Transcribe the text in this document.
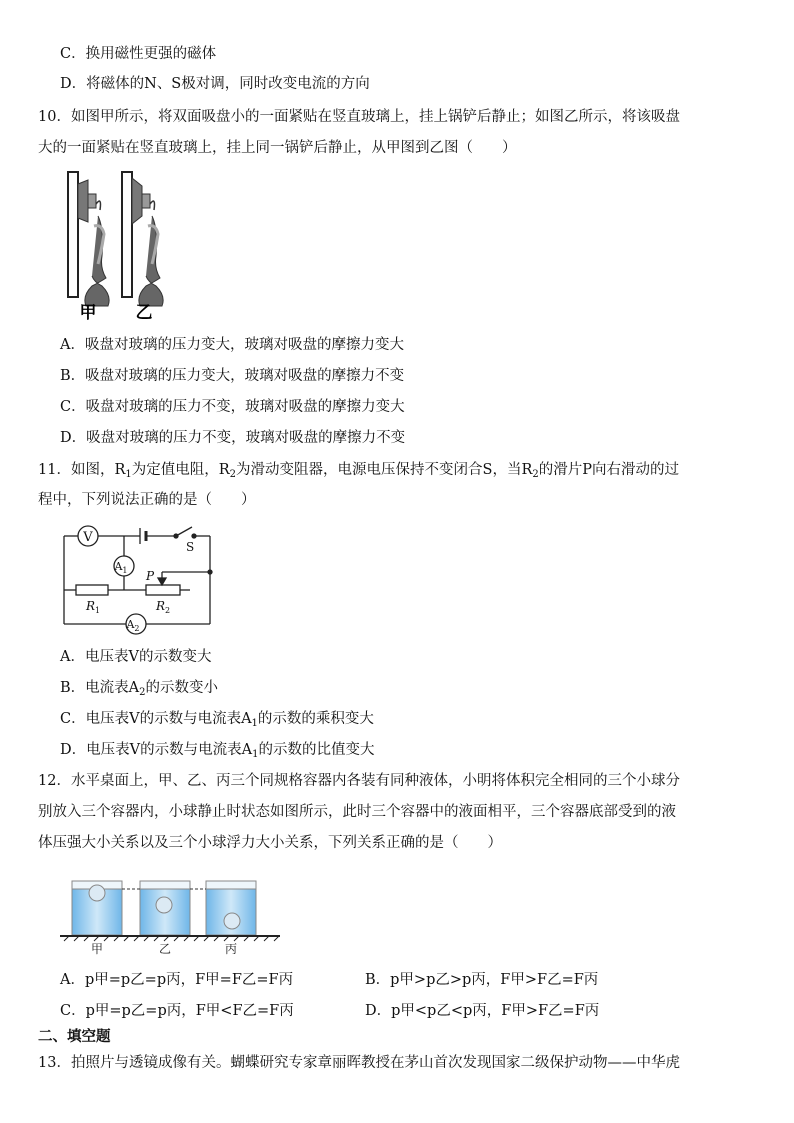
C．换用磁性更强的磁体
D．将磁体的N、S极对调，同时改变电流的方向
10．如图甲所示，将双面吸盘小的一面紧贴在竖直玻璃上，挂上锅铲后静止；如图乙所示，将该吸盘
大的一面紧贴在竖直玻璃上，挂上同一锅铲后静止，从甲图到乙图（　　）
甲 乙
A．吸盘对玻璃的压力变大，玻璃对吸盘的摩擦力变大
B．吸盘对玻璃的压力变大，玻璃对吸盘的摩擦力不变
C．吸盘对玻璃的压力不变，玻璃对吸盘的摩擦力变大
D．吸盘对玻璃的压力不变，玻璃对吸盘的摩擦力不变
11．如图，$R_1$为定值电阻，$R_2$为滑动变阻器，电源电压保持不变闭合S，当$R_2$的滑片P向右滑动的过
程中，下列说法正确的是（　　）
V
$A_1$
$A_2$
S
P
$R_1$	$R_2$
A．电压表V的示数变大
B．电流表$A_2$的示数变小
C．电压表V的示数与电流表$A_1$的示数的乘积变大
D．电压表V的示数与电流表$A_1$的示数的比值变大
12．水平桌面上，甲、乙、丙三个同规格容器内各装有同种液体，小明将体积完全相同的三个小球分
别放入三个容器内，小球静止时状态如图所示，此时三个容器中的液面相平，三个容器底部受到的液
体压强大小关系以及三个小球浮力大小关系，下列关系正确的是（　　）
甲	乙	丙
A．p甲=p乙=p丙，F甲=F乙=F丙	B．p甲>p乙>p丙，F甲>F乙=F丙
C．p甲=p乙=p丙，F甲<F乙=F丙	D．p甲<p乙<p丙，F甲>F乙=F丙
二、填空题
13．拍照片与透镜成像有关。蝴蝶研究专家章丽晖教授在茅山首次发现国家二级保护动物——中华虎
